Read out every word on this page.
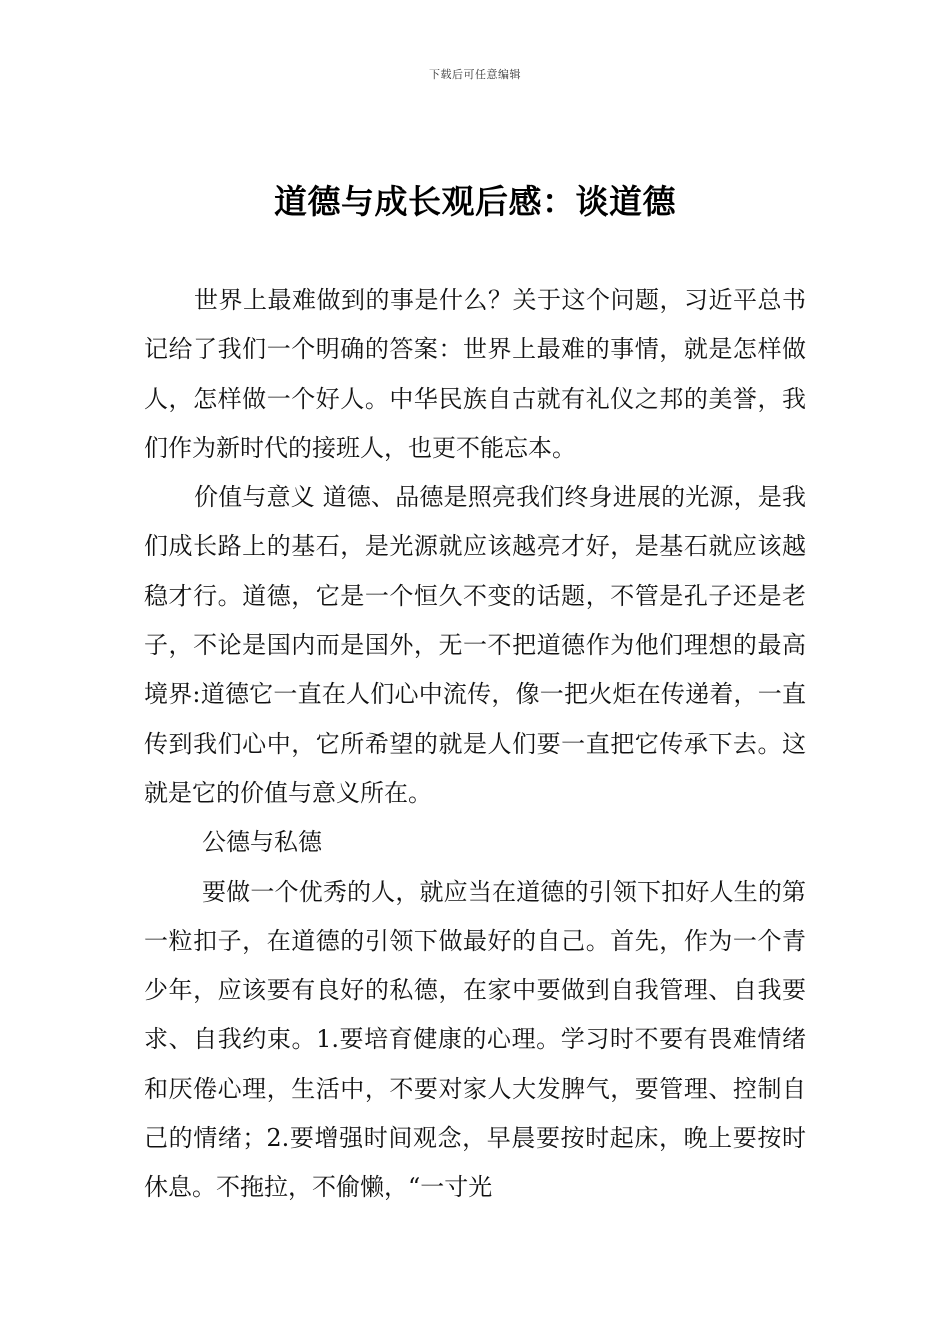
下载后可任意编辑
道德与成长观后感：谈道德

世界上最难做到的事是什么？关于这个问题，习近平总书记给了我们一个明确的答案：世界上最难的事情，就是怎样做人，怎样做一个好人。中华民族自古就有礼仪之邦的美誉，我们作为新时代的接班人，也更不能忘本。

价值与意义 道德、品德是照亮我们终身进展的光源，是我们成长路上的基石，是光源就应该越亮才好，是基石就应该越稳才行。道德，它是一个恒久不变的话题，不管是孔子还是老子，不论是国内而是国外，无一不把道德作为他们理想的最高境界:道德它一直在人们心中流传，像一把火炬在传递着，一直传到我们心中，它所希望的就是人们要一直把它传承下去。这就是它的价值与意义所在。

公德与私德

要做一个优秀的人，就应当在道德的引领下扣好人生的第一粒扣子，在道德的引领下做最好的自己。首先，作为一个青少年，应该要有良好的私德，在家中要做到自我管理、自我要求、自我约束。1.要培育健康的心理。学习时不要有畏难情绪和厌倦心理，生活中，不要对家人大发脾气，要管理、控制自己的情绪；2.要增强时间观念，早晨要按时起床，晚上要按时休息。不拖拉，不偷懒，“一寸光
